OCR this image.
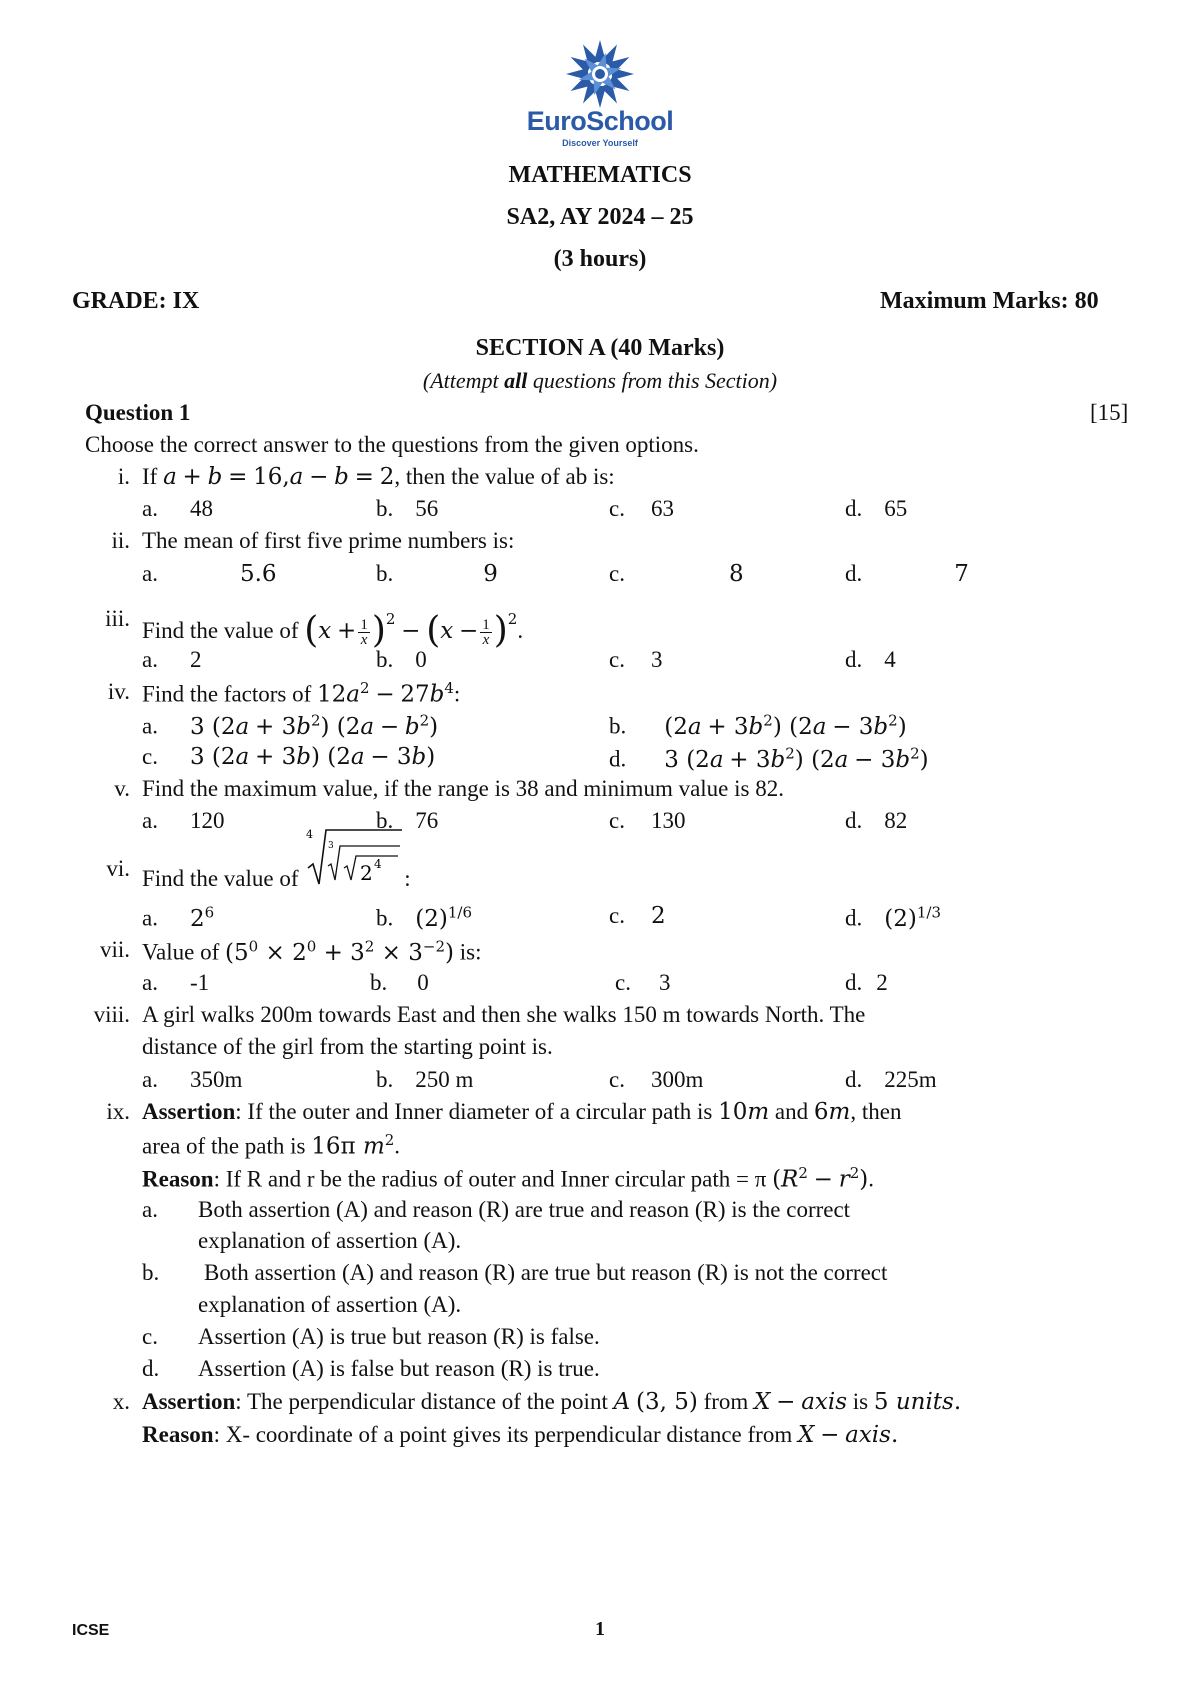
EuroSchool
Discover Yourself
MATHEMATICS
SA2, AY 2024 – 25
(3 hours)
GRADE: IX	Maximum Marks: 80
SECTION A (40 Marks)
(Attempt all questions from this Section)
Question 1	[15]
Choose the correct answer to the questions from the given options.
i. If a + b = 16,a − b = 2, then the value of ab is:
a. 48	b. 56	c. 63	d. 65
ii. The mean of first five prime numbers is:
a.	5.6	b.	9	c.	8	d.	7
iii. Find the value of $(x + \frac{1}{x} )^2 - (x - \frac{1}{x} )^2$.
a. 2	b. 0	c. 3	d. 4
iv. Find the factors of $12a^2 - 27b^4$:
a. 3 $(2a + 3b^2)$ $(2a - b^2)$	b. $(2a + 3b^2)$ $(2a - 3b^2)$
c. 3 (2a + 3b) (2a − 3b)	d. 3 $(2a + 3b^2)$ $(2a - 3b^2)$
v. Find the maximum value, if the range is 38 and minimum value is 82.
a. 120	b. 76	c. 130	d. 82
vi. Find the value of
4
3
2 4
:
a. $2^6$	b. $(2)^{1/6}$	c. 2	d. $(2)^{1/3}$
vii. Value of $(5^0 \times 2^0 + 3^2 \times 3^{-2})$ is:
a. -1	b. 0	c. 3	d. 2
viii. A girl walks 200m towards East and then she walks 150 m towards North. The
distance of the girl from the starting point is.
a. 350m	b. 250 m	c. 300m	d. 225m
ix. Assertion: If the outer and Inner diameter of a circular path is 10m and 6m, then
area of the path is 16π $m^2$.
Reason: If R and r be the radius of outer and Inner circular path = π $(R^2 - r^2)$.
a. Both assertion (A) and reason (R) are true and reason (R) is the correct
explanation of assertion (A).
b. Both assertion (A) and reason (R) are true but reason (R) is not the correct
explanation of assertion (A).
c. Assertion (A) is true but reason (R) is false.
d. Assertion (A) is false but reason (R) is true.
x. Assertion: The perpendicular distance of the point A (3, 5) from X − axis is 5 units.
Reason: X- coordinate of a point gives its perpendicular distance from X − axis.
ICSE	1
